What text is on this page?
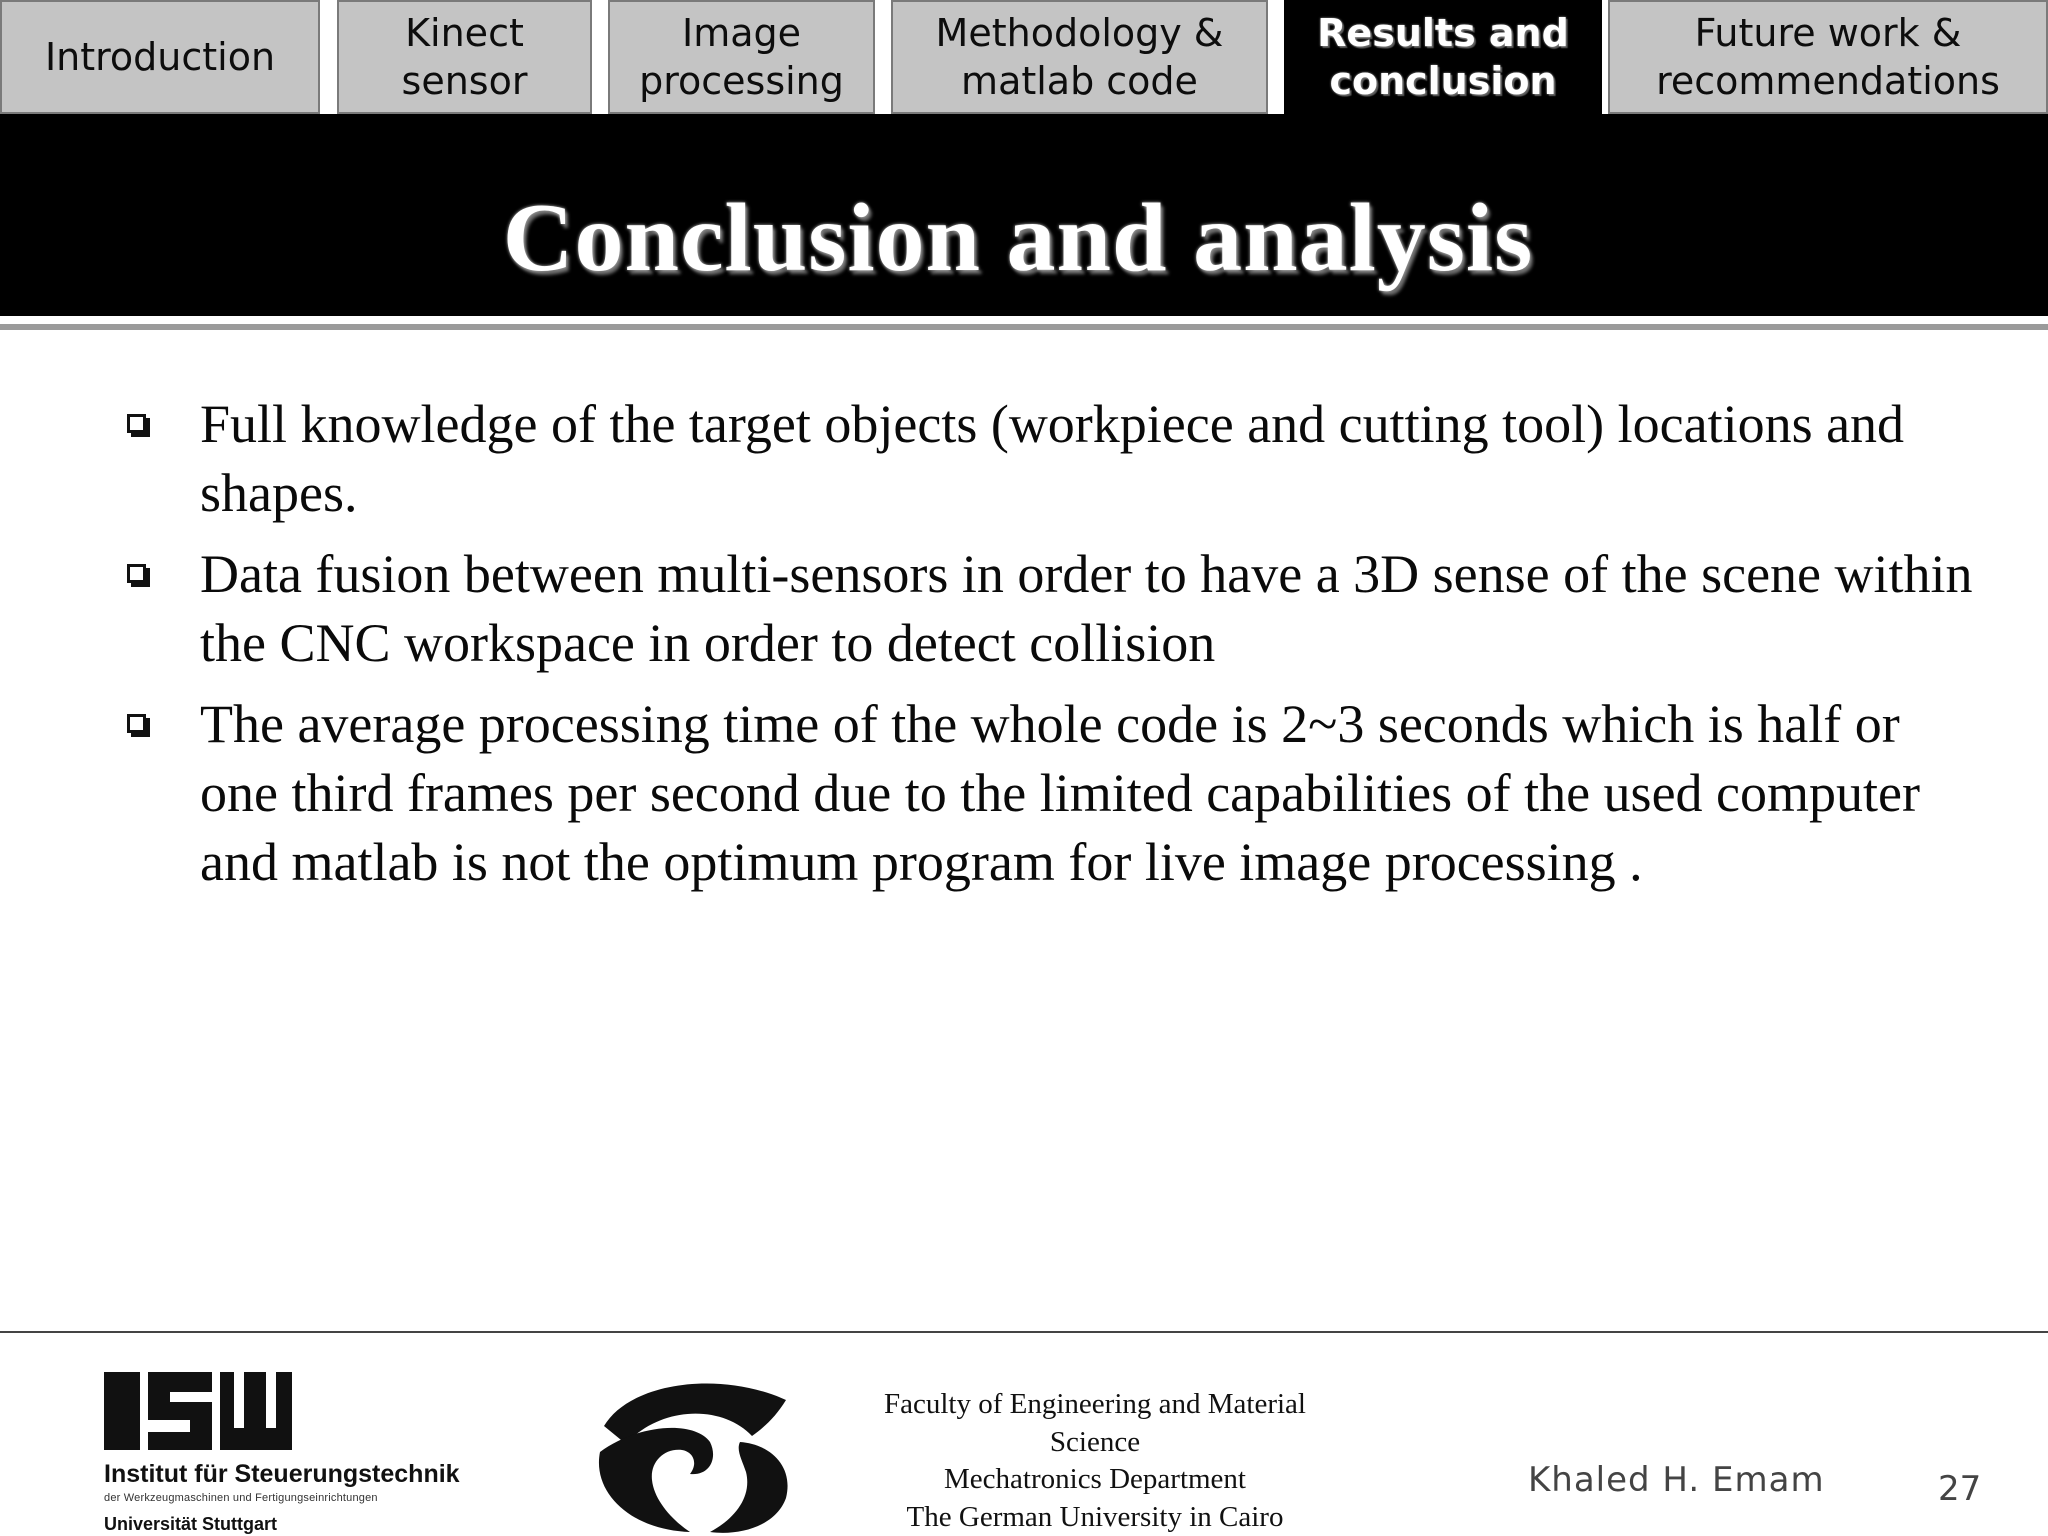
Introduction
Kinect
sensor
Image
processing
Methodology &
matlab code
Results and
conclusion
Future work &
recommendations
Conclusion and analysis
Full knowledge of the target objects (workpiece and cutting tool) locations and shapes.
Data fusion between multi-sensors in order to have a 3D sense of the scene within the CNC workspace in order to detect collision
The average processing time of the whole code is 2~3 seconds which is half or one third frames per second due to the limited capabilities of the used computer and matlab is not the optimum program for live image processing .
Institut für Steuerungstechnik
der Werkzeugmaschinen und Fertigungseinrichtungen
Universität Stuttgart
Faculty of Engineering and Material
Science
Mechatronics Department
The German University in Cairo
Khaled H. Emam	27
